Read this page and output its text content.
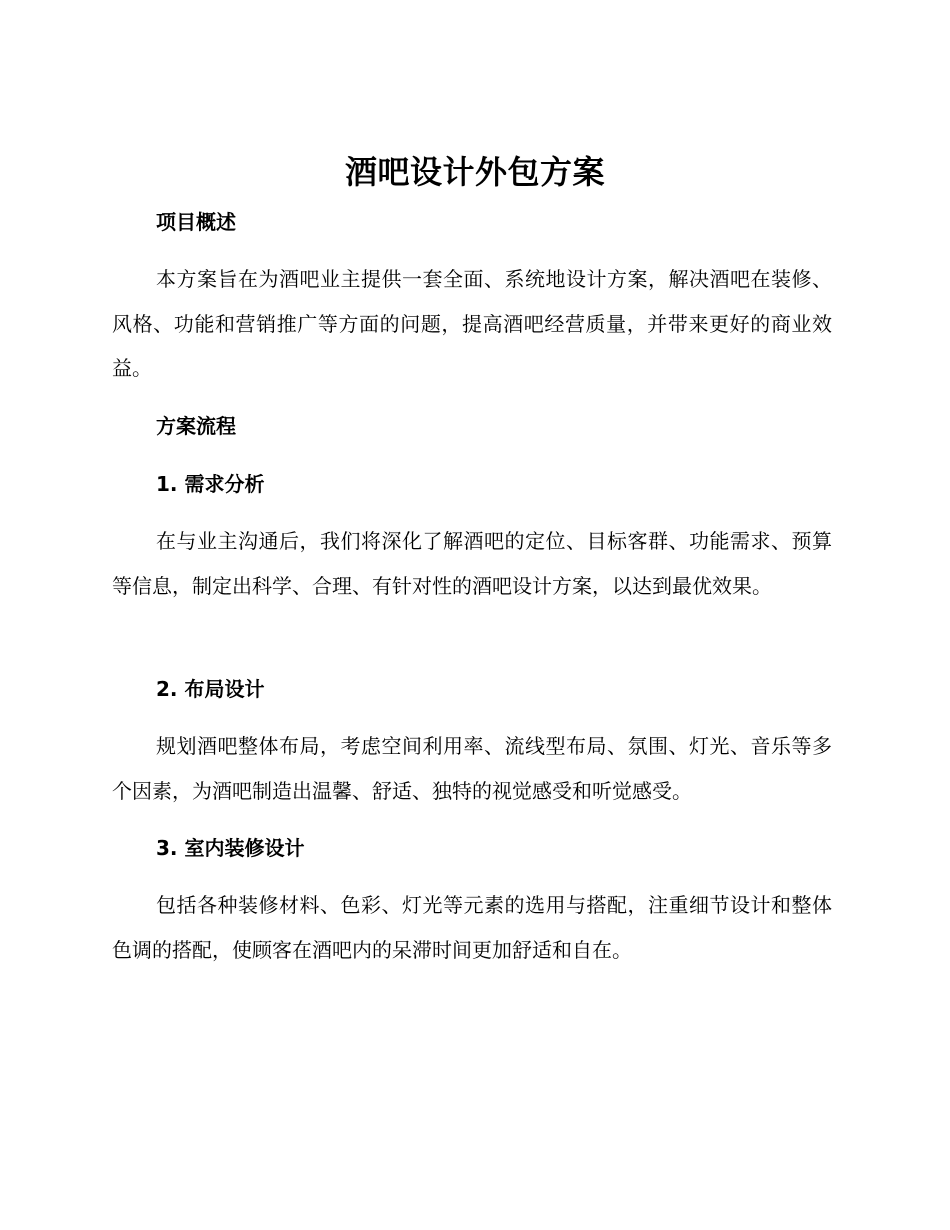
酒吧设计外包方案
项目概述
本方案旨在为酒吧业主提供一套全面、系统地设计方案，解决酒吧在装修、风格、功能和营销推广等方面的问题，提高酒吧经营质量，并带来更好的商业效益。
方案流程
1. 需求分析
在与业主沟通后，我们将深化了解酒吧的定位、目标客群、功能需求、预算等信息，制定出科学、合理、有针对性的酒吧设计方案，以达到最优效果。
2. 布局设计
规划酒吧整体布局，考虑空间利用率、流线型布局、氛围、灯光、音乐等多个因素，为酒吧制造出温馨、舒适、独特的视觉感受和听觉感受。
3. 室内装修设计
包括各种装修材料、色彩、灯光等元素的选用与搭配，注重细节设计和整体色调的搭配，使顾客在酒吧内的呆滞时间更加舒适和自在。
